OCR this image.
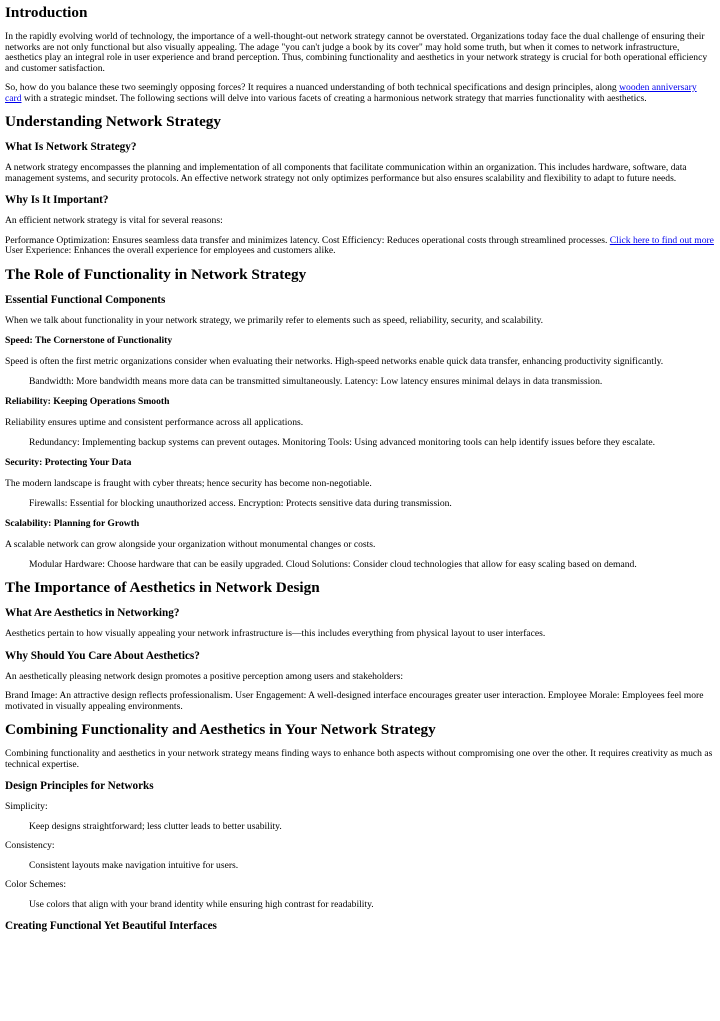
Introduction

In the rapidly evolving world of technology, the importance of a well-thought-out network strategy cannot be overstated. Organizations today face the dual challenge of ensuring their networks are not only functional but also visually appealing. The adage "you can't judge a book by its cover" may hold some truth, but when it comes to network infrastructure, aesthetics play an integral role in user experience and brand perception. Thus, combining functionality and aesthetics in your network strategy is crucial for both operational efficiency and customer satisfaction.

So, how do you balance these two seemingly opposing forces? It requires a nuanced understanding of both technical specifications and design principles, along wooden anniversary card with a strategic mindset. The following sections will delve into various facets of creating a harmonious network strategy that marries functionality with aesthetics.

Understanding Network Strategy
What Is Network Strategy?

A network strategy encompasses the planning and implementation of all components that facilitate communication within an organization. This includes hardware, software, data management systems, and security protocols. An effective network strategy not only optimizes performance but also ensures scalability and flexibility to adapt to future needs.

Why Is It Important?

An efficient network strategy is vital for several reasons:

Performance Optimization: Ensures seamless data transfer and minimizes latency. Cost Efficiency: Reduces operational costs through streamlined processes. Click here to find out more User Experience: Enhances the overall experience for employees and customers alike.

The Role of Functionality in Network Strategy
Essential Functional Components

When we talk about functionality in your network strategy, we primarily refer to elements such as speed, reliability, security, and scalability.

Speed: The Cornerstone of Functionality

Speed is often the first metric organizations consider when evaluating their networks. High-speed networks enable quick data transfer, enhancing productivity significantly.

Bandwidth: More bandwidth means more data can be transmitted simultaneously. Latency: Low latency ensures minimal delays in data transmission.
Reliability: Keeping Operations Smooth

Reliability ensures uptime and consistent performance across all applications.

Redundancy: Implementing backup systems can prevent outages. Monitoring Tools: Using advanced monitoring tools can help identify issues before they escalate.
Security: Protecting Your Data

The modern landscape is fraught with cyber threats; hence security has become non-negotiable.

Firewalls: Essential for blocking unauthorized access. Encryption: Protects sensitive data during transmission.
Scalability: Planning for Growth

A scalable network can grow alongside your organization without monumental changes or costs.

Modular Hardware: Choose hardware that can be easily upgraded. Cloud Solutions: Consider cloud technologies that allow for easy scaling based on demand.
The Importance of Aesthetics in Network Design
What Are Aesthetics in Networking?

Aesthetics pertain to how visually appealing your network infrastructure is—this includes everything from physical layout to user interfaces.

Why Should You Care About Aesthetics?

An aesthetically pleasing network design promotes a positive perception among users and stakeholders:

Brand Image: An attractive design reflects professionalism. User Engagement: A well-designed interface encourages greater user interaction. Employee Morale: Employees feel more motivated in visually appealing environments.

Combining Functionality and Aesthetics in Your Network Strategy

Combining functionality and aesthetics in your network strategy means finding ways to enhance both aspects without compromising one over the other. It requires creativity as much as technical expertise.

Design Principles for Networks

Simplicity:

Keep designs straightforward; less clutter leads to better usability.

Consistency:

Consistent layouts make navigation intuitive for users.

Color Schemes:

Use colors that align with your brand identity while ensuring high contrast for readability.
Creating Functional Yet Beautiful Interfaces
